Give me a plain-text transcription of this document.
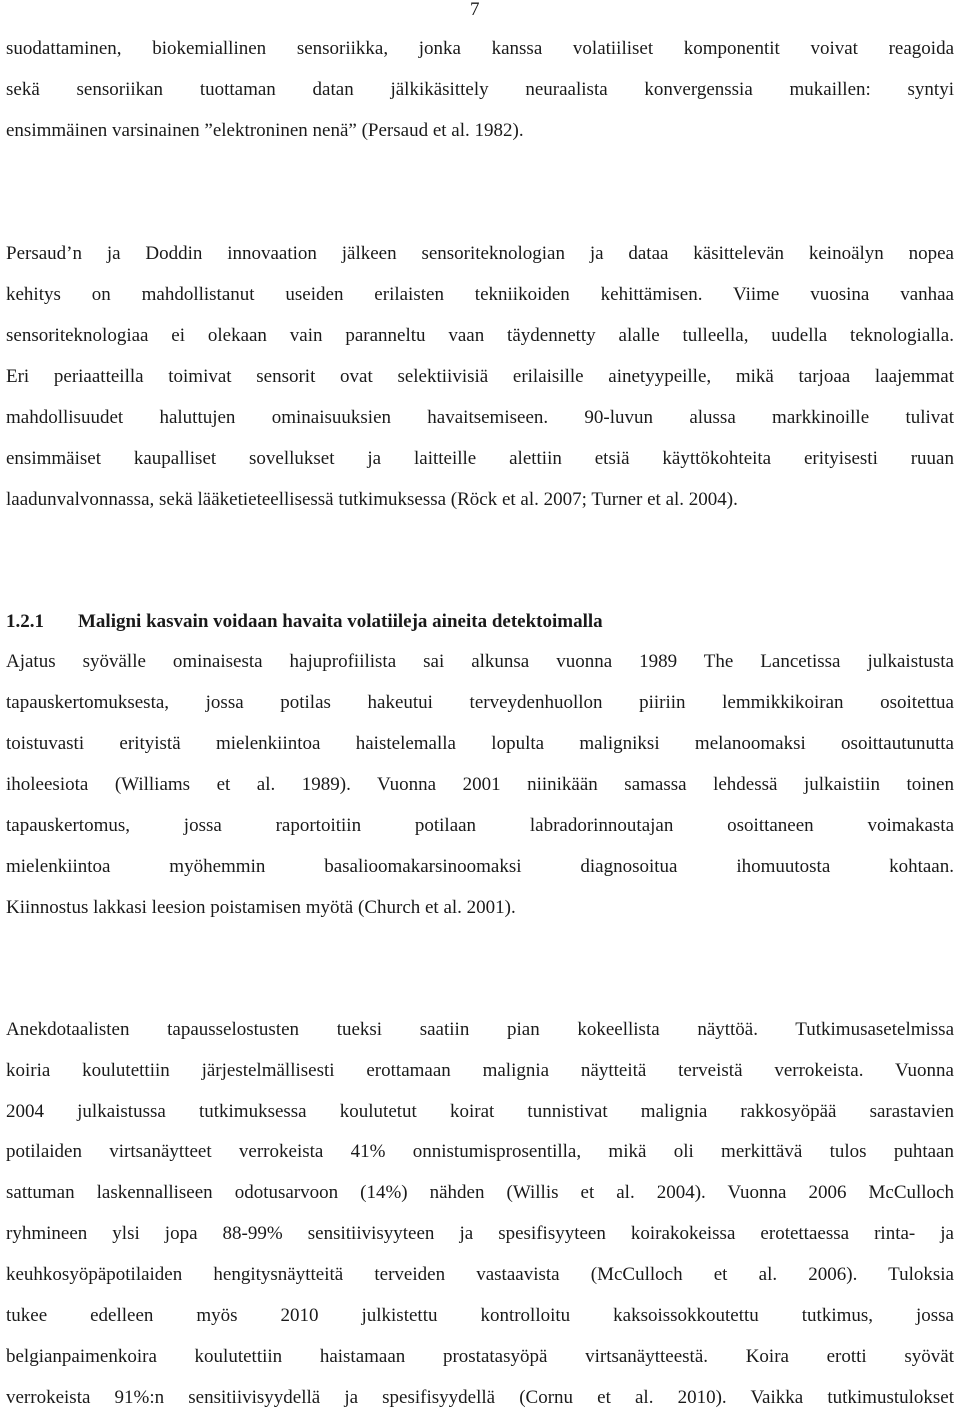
7
suodattaminen, biokemiallinen sensoriikka, jonka kanssa volatiiliset komponentit voivat reagoida
sekä sensoriikan tuottaman datan jälkikäsittely neuraalista konvergenssia mukaillen: syntyi
ensimmäinen varsinainen ”elektroninen nenä” (Persaud et al. 1982).
Persaud’n ja Doddin innovaation jälkeen sensoriteknologian ja dataa käsittelevän keinoälyn nopea
kehitys on mahdollistanut useiden erilaisten tekniikoiden kehittämisen. Viime vuosina vanhaa
sensoriteknologiaa ei olekaan vain paranneltu vaan täydennetty alalle tulleella, uudella teknologialla.
Eri periaatteilla toimivat sensorit ovat selektiivisiä erilaisille ainetyypeille, mikä tarjoaa laajemmat
mahdollisuudet haluttujen ominaisuuksien havaitsemiseen. 90-luvun alussa markkinoille tulivat
ensimmäiset kaupalliset sovellukset ja laitteille alettiin etsiä käyttökohteita erityisesti ruuan
laadunvalvonnassa, sekä lääketieteellisessä tutkimuksessa (Röck et al. 2007; Turner et al. 2004).
1.2.1 Maligni kasvain voidaan havaita volatiileja aineita detektoimalla
Ajatus syövälle ominaisesta hajuprofiilista sai alkunsa vuonna 1989 The Lancetissa julkaistusta
tapauskertomuksesta, jossa potilas hakeutui terveydenhuollon piiriin lemmikkikoiran osoitettua
toistuvasti erityistä mielenkiintoa haistelemalla lopulta maligniksi melanoomaksi osoittautunutta
iholeesiota (Williams et al. 1989). Vuonna 2001 niinikään samassa lehdessä julkaistiin toinen
tapauskertomus, jossa raportoitiin potilaan labradorinnoutajan osoittaneen voimakasta
mielenkiintoa myöhemmin basalioomakarsinoomaksi diagnosoitua ihomuutosta kohtaan.
Kiinnostus lakkasi leesion poistamisen myötä (Church et al. 2001).
Anekdotaalisten tapausselostusten tueksi saatiin pian kokeellista näyttöä. Tutkimusasetelmissa
koiria koulutettiin järjestelmällisesti erottamaan malignia näytteitä terveistä verrokeista. Vuonna
2004 julkaistussa tutkimuksessa koulutetut koirat tunnistivat malignia rakkosyöpää sarastavien
potilaiden virtsanäytteet verrokeista 41% onnistumisprosentilla, mikä oli merkittävä tulos puhtaan
sattuman laskennalliseen odotusarvoon (14%) nähden (Willis et al. 2004). Vuonna 2006 McCulloch
ryhmineen ylsi jopa 88-99% sensitiivisyyteen ja spesifisyyteen koirakokeissa erotettaessa rinta- ja
keuhkosyöpäpotilaiden hengitysnäytteitä terveiden vastaavista (McCulloch et al. 2006). Tuloksia
tukee edelleen myös 2010 julkistettu kontrolloitu kaksoissokkoutettu tutkimus, jossa
belgianpaimenkoira koulutettiin haistamaan prostatasyöpä virtsanäytteestä. Koira erotti syövät
verrokeista 91%:n sensitiivisyydellä ja spesifisyydellä (Cornu et al. 2010). Vaikka tutkimustulokset
